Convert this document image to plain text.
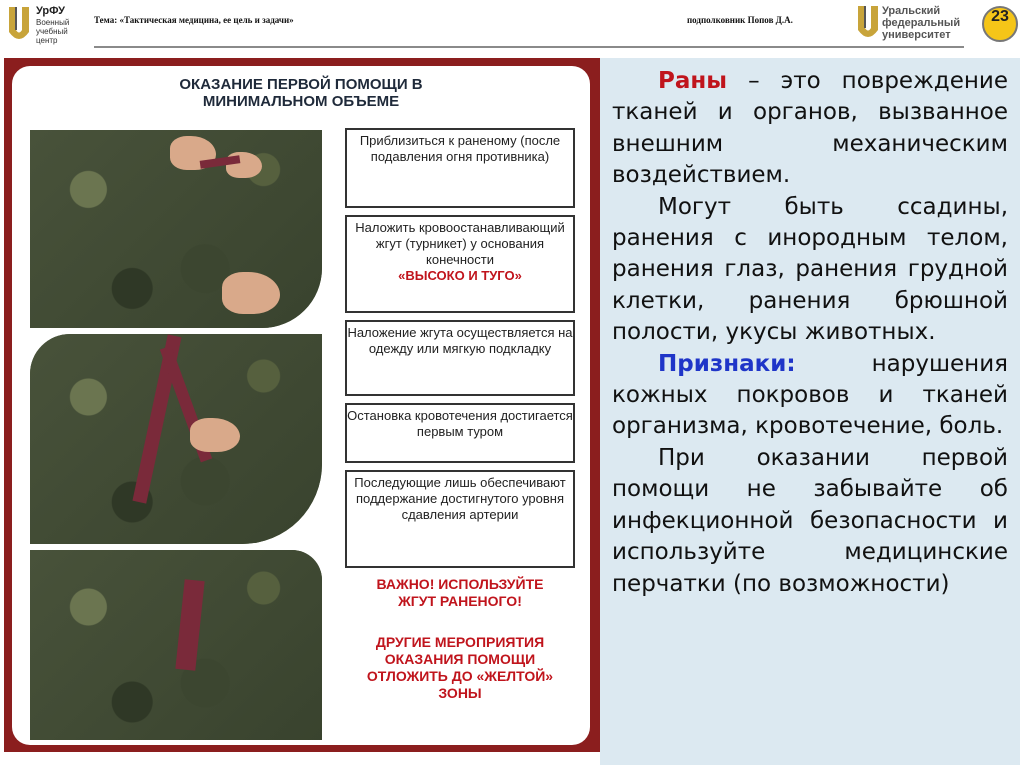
УрФУ
Военный учебный центр
Тема: «Тактическая медицина, ее цель и задачи»	подполковник Попов Д.А.
Уральский федеральный университет
23
ОКАЗАНИЕ ПЕРВОЙ ПОМОЩИ В МИНИМАЛЬНОМ ОБЪЕМЕ
Приблизиться к раненому (после подавления огня противника)
Наложить кровоостанавливающий жгут (турникет) у основания конечности
«ВЫСОКО И ТУГО»
Наложение жгута осуществляется на одежду или мягкую подкладку
Остановка кровотечения достигается первым туром
Последующие лишь обеспечивают поддержание достигнутого уровня сдавления артерии
ВАЖНО! ИСПОЛЬЗУЙТЕ ЖГУТ РАНЕНОГО!
ДРУГИЕ МЕРОПРИЯТИЯ ОКАЗАНИЯ ПОМОЩИ ОТЛОЖИТЬ ДО «ЖЕЛТОЙ» ЗОНЫ

Раны – это повреждение тканей и органов, вызванное внешним механическим воздействием.

Могут быть ссадины, ранения с инородным телом, ранения глаз, ранения грудной клетки, ранения брюшной полости, укусы животных.

Признаки: нарушения кожных покровов и тканей организма, кровотечение, боль.

При оказании первой помощи не забывайте об инфекционной безопасности и используйте медицинские перчатки (по возможности)
